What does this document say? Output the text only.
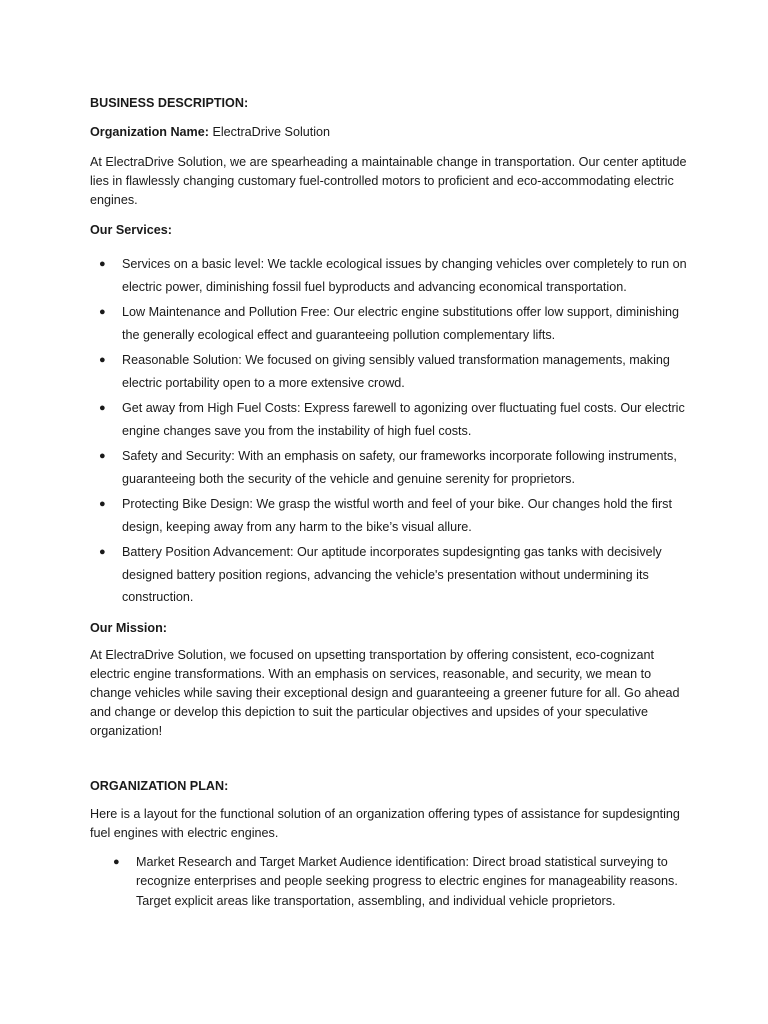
BUSINESS DESCRIPTION:

Organization Name: ElectraDrive Solution

At ElectraDrive Solution, we are spearheading a maintainable change in transportation. Our center aptitude lies in flawlessly changing customary fuel-controlled motors to proficient and eco-accommodating electric engines.

Our Services:

● Services on a basic level: We tackle ecological issues by changing vehicles over completely to run on electric power, diminishing fossil fuel byproducts and advancing economical transportation.
● Low Maintenance and Pollution Free: Our electric engine substitutions offer low support, diminishing the generally ecological effect and guaranteeing pollution complementary lifts.
● Reasonable Solution: We focused on giving sensibly valued transformation managements, making electric portability open to a more extensive crowd.
● Get away from High Fuel Costs: Express farewell to agonizing over fluctuating fuel costs. Our electric engine changes save you from the instability of high fuel costs.
● Safety and Security: With an emphasis on safety, our frameworks incorporate following instruments, guaranteeing both the security of the vehicle and genuine serenity for proprietors.
● Protecting Bike Design: We grasp the wistful worth and feel of your bike. Our changes hold the first design, keeping away from any harm to the bike’s visual allure.
● Battery Position Advancement: Our aptitude incorporates supdesignting gas tanks with decisively designed battery position regions, advancing the vehicle's presentation without undermining its construction.

Our Mission:

At ElectraDrive Solution, we focused on upsetting transportation by offering consistent, eco-cognizant electric engine transformations. With an emphasis on services, reasonable, and security, we mean to change vehicles while saving their exceptional design and guaranteeing a greener future for all. Go ahead and change or develop this depiction to suit the particular objectives and upsides of your speculative organization!

ORGANIZATION PLAN:

Here is a layout for the functional solution of an organization offering types of assistance for supdesignting fuel engines with electric engines.

● Market Research and Target Market Audience identification: Direct broad statistical surveying to recognize enterprises and people seeking progress to electric engines for manageability reasons. Target explicit areas like transportation, assembling, and individual vehicle proprietors.
